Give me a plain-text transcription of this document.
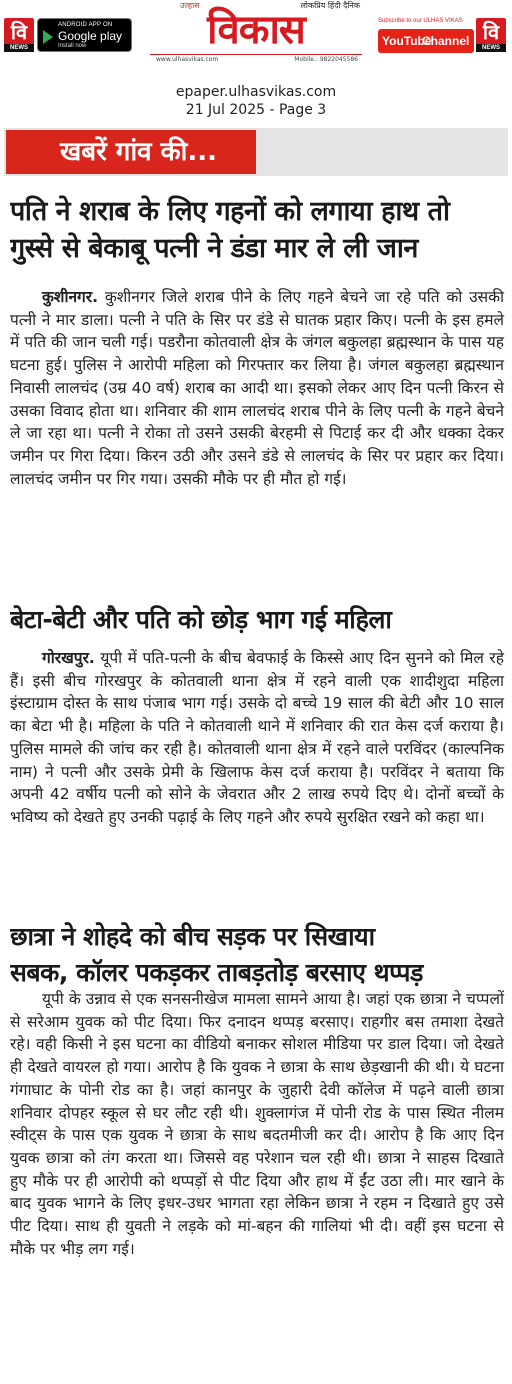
वि
NEWS
ANDROID APP ON
Google play
Install now
उल्हास	लोकप्रिय हिंदी दैनिक
विकास
www.ulhasvikas.com	Mobile.: 9822045586
Subscribe to our ULHAS VIKAS
YouTube
Channel वि
NEWS
epaper.ulhasvikas.com
21 Jul 2025 - Page 3
खबरें गांव की...
पति ने शराब के लिए गहनों को लगाया हाथ तो
गुस्से से बेकाबू पत्नी ने डंडा मार ले ली जान
कुशीनगर. कुशीनगर जिले शराब पीने के लिए गहने बेचने जा रहे पति को उसकी पत्नी ने मार डाला। पत्नी ने पति के सिर पर डंडे से घातक प्रहार किए। पत्नी के इस हमले में पति की जान चली गई। पडरौना कोतवाली क्षेत्र के जंगल बकुलहा ब्रह्मस्थान के पास यह घटना हुई। पुलिस ने आरोपी महिला को गिरफ्तार कर लिया है। जंगल बकुलहा ब्रह्मस्थान निवासी लालचंद (उम्र 40 वर्ष) शराब का आदी था। इसको लेकर आए दिन पत्नी किरन से उसका विवाद होता था। शनिवार की शाम लालचंद शराब पीने के लिए पत्नी के गहने बेचने ले जा रहा था। पत्नी ने रोका तो उसने उसकी बेरहमी से पिटाई कर दी और धक्का देकर जमीन पर गिरा दिया। किरन उठी और उसने डंडे से लालचंद के सिर पर प्रहार कर दिया। लालचंद जमीन पर गिर गया। उसकी मौके पर ही मौत हो गई।
बेटा-बेटी और पति को छोड़ भाग गई महिला
गोरखपुर. यूपी में पति-पत्नी के बीच बेवफाई के किस्से आए दिन सुनने को मिल रहे हैं। इसी बीच गोरखपुर के कोतवाली थाना क्षेत्र में रहने वाली एक शादीशुदा महिला इंस्टाग्राम दोस्त के साथ पंजाब भाग गई। उसके दो बच्चे 19 साल की बेटी और 10 साल का बेटा भी है। महिला के पति ने कोतवाली थाने में शनिवार की रात केस दर्ज कराया है। पुलिस मामले की जांच कर रही है। कोतवाली थाना क्षेत्र में रहने वाले परविंदर (काल्पनिक नाम) ने पत्नी और उसके प्रेमी के खिलाफ केस दर्ज कराया है। परविंदर ने बताया कि अपनी 42 वर्षीय पत्नी को सोने के जेवरात और 2 लाख रुपये दिए थे। दोनों बच्चों के भविष्य को देखते हुए उनकी पढ़ाई के लिए गहने और रुपये सुरक्षित रखने को कहा था।
छात्रा ने शोहदे को बीच सड़क पर सिखाया
सबक, कॉलर पकड़कर ताबड़तोड़ बरसाए थप्पड़
यूपी के उन्नाव से एक सनसनीखेज मामला सामने आया है। जहां एक छात्रा ने चप्पलों से सरेआम युवक को पीट दिया। फिर दनादन थप्पड़ बरसाए। राहगीर बस तमाशा देखते रहे। वही किसी ने इस घटना का वीडियो बनाकर सोशल मीडिया पर डाल दिया। जो देखते ही देखते वायरल हो गया। आरोप है कि युवक ने छात्रा के साथ छेड़खानी की थी। ये घटना गंगाघाट के पोनी रोड का है। जहां कानपुर के जुहारी देवी कॉलेज में पढ़ने वाली छात्रा शनिवार दोपहर स्कूल से घर लौट रही थी। शुक्लागंज में पोनी रोड के पास स्थित नीलम स्वीट्स के पास एक युवक ने छात्रा के साथ बदतमीजी कर दी। आरोप है कि आए दिन युवक छात्रा को तंग करता था। जिससे वह परेशान चल रही थी। छात्रा ने साहस दिखाते हुए मौके पर ही आरोपी को थप्पड़ों से पीट दिया और हाथ में ईंट उठा ली। मार खाने के बाद युवक भागने के लिए इधर-उधर भागता रहा लेकिन छात्रा ने रहम न दिखाते हुए उसे पीट दिया। साथ ही युवती ने लड़के को मां-बहन की गालियां भी दी। वहीं इस घटना से मौके पर भीड़ लग गई।
